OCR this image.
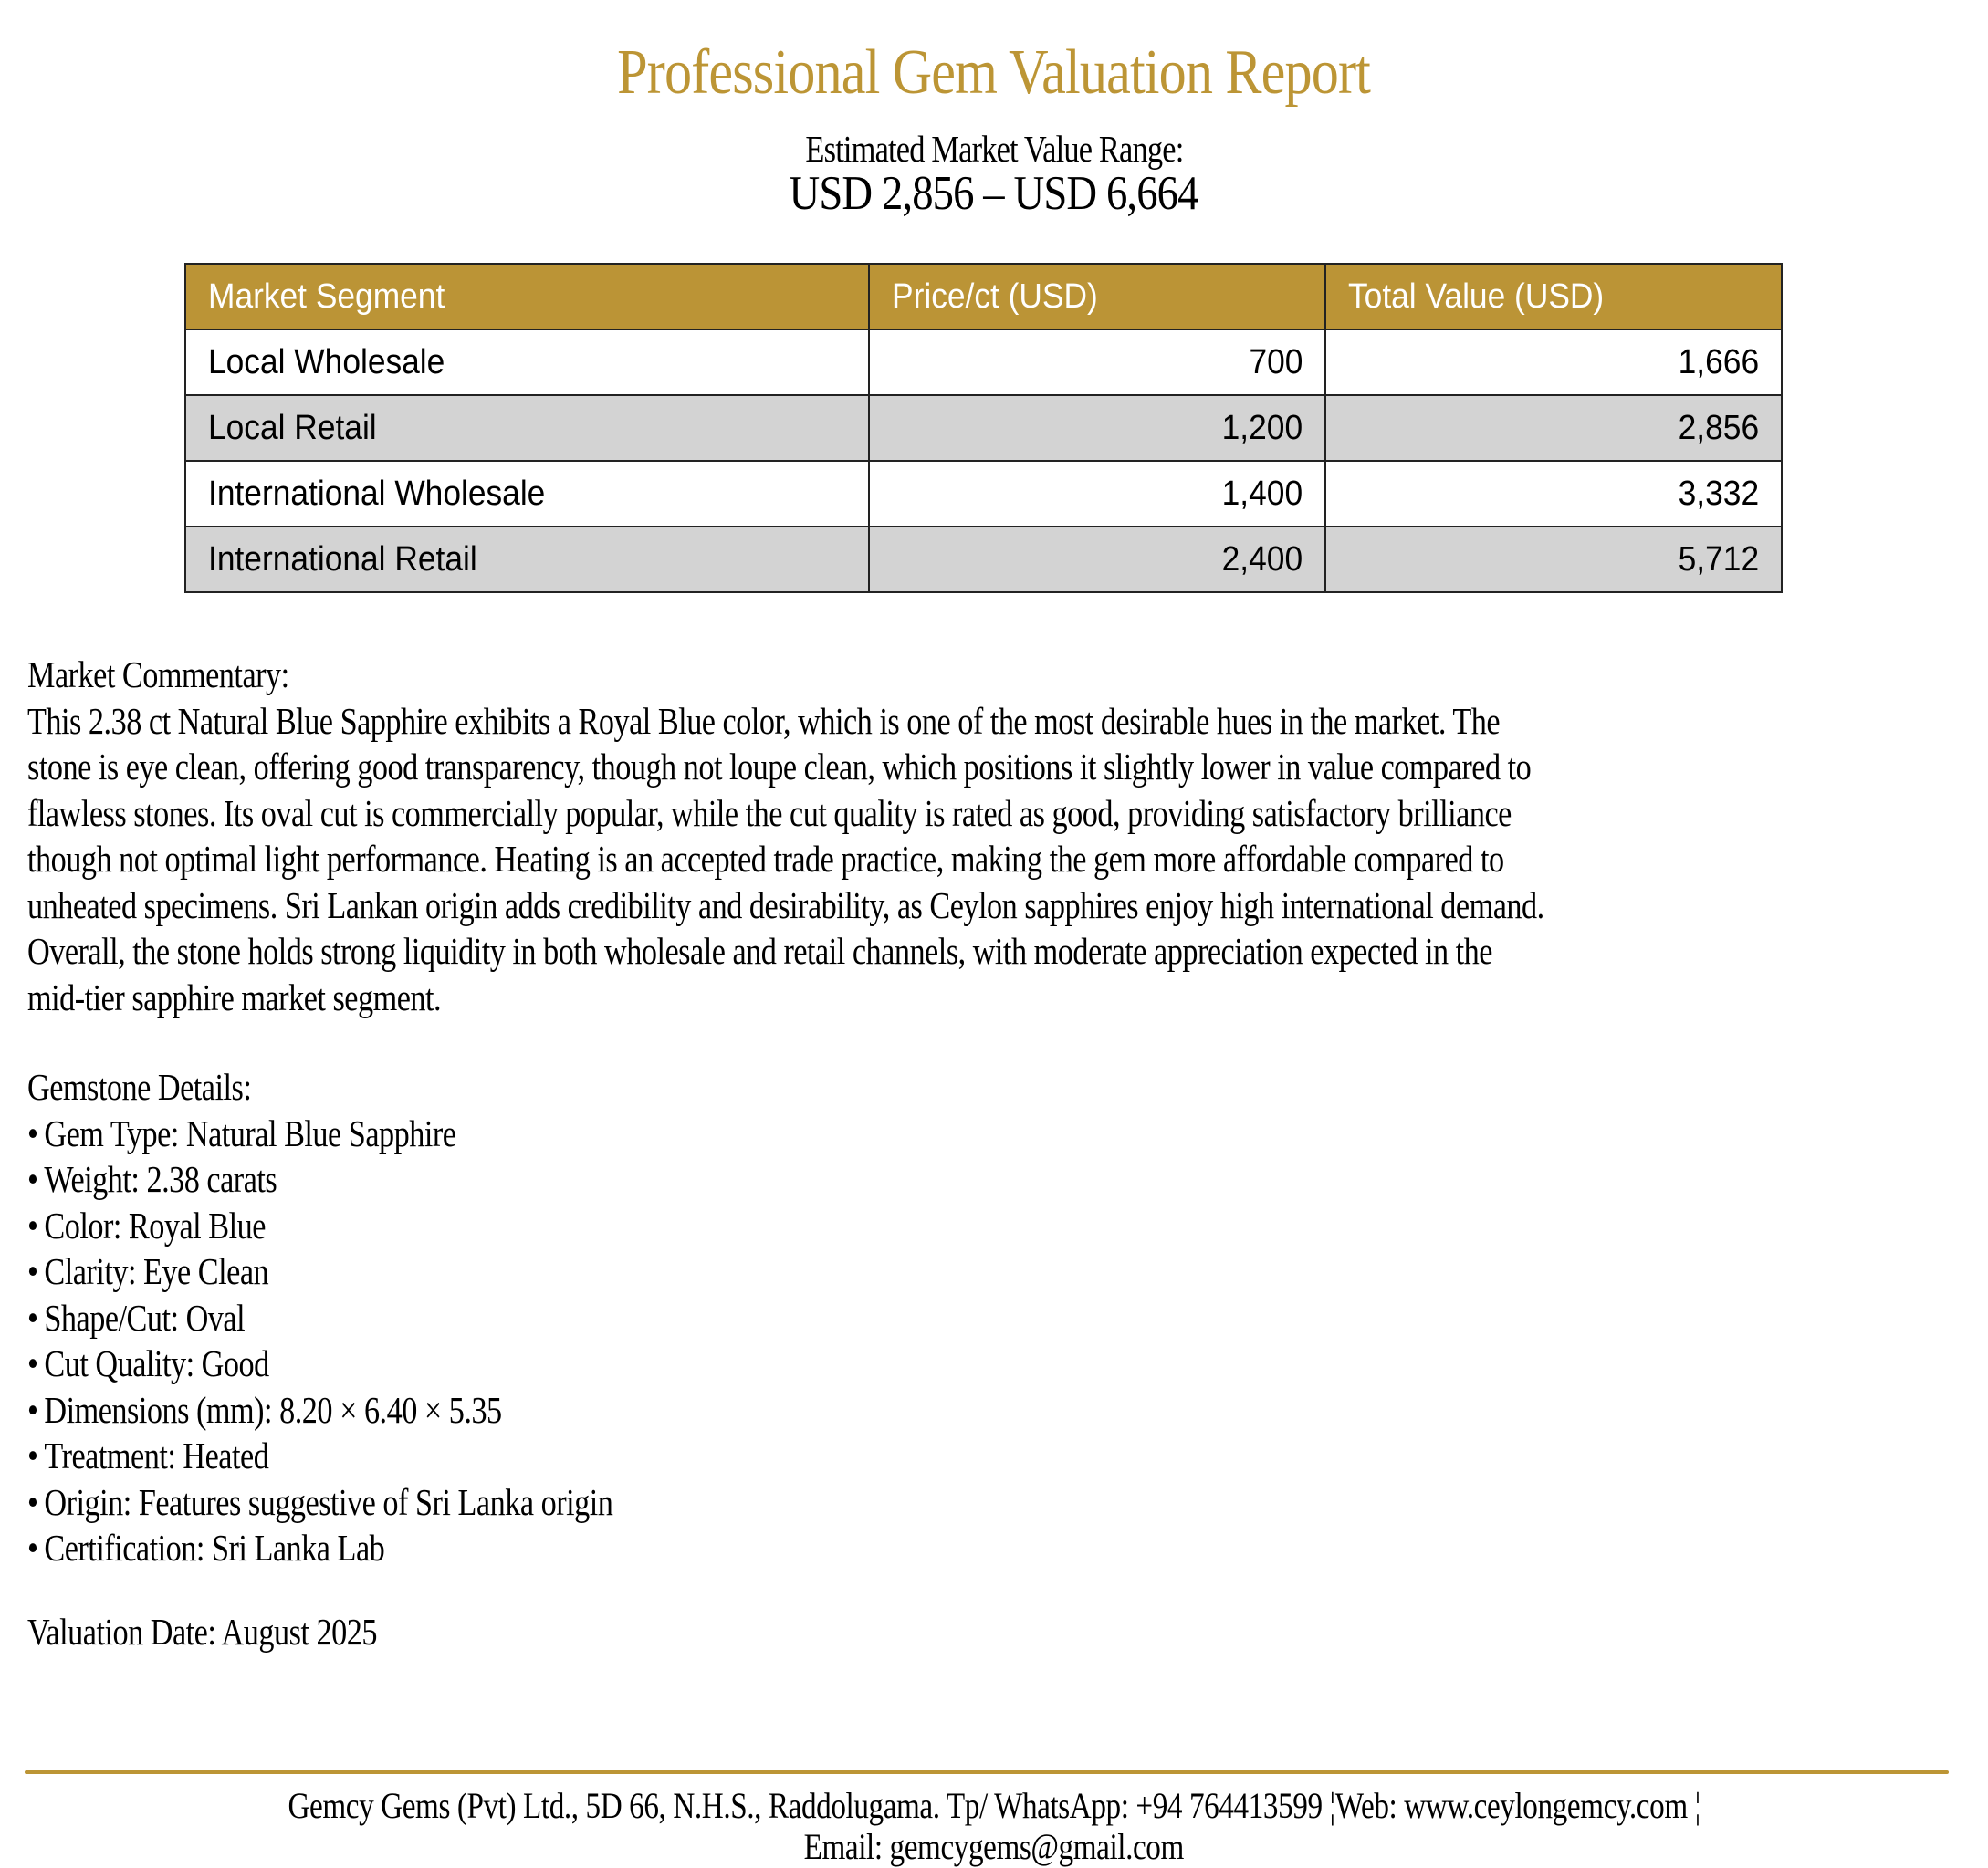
Professional Gem Valuation Report
Estimated Market Value Range:
USD 2,856 – USD 6,664
Market Segment	Price/ct (USD)	Total Value (USD)
Local Wholesale	700	1,666
Local Retail	1,200	2,856
International Wholesale	1,400	3,332
International Retail	2,400	5,712
Market Commentary:
This 2.38 ct Natural Blue Sapphire exhibits a Royal Blue color, which is one of the most desirable hues in the market. The
stone is eye clean, offering good transparency, though not loupe clean, which positions it slightly lower in value compared to
flawless stones. Its oval cut is commercially popular, while the cut quality is rated as good, providing satisfactory brilliance
though not optimal light performance. Heating is an accepted trade practice, making the gem more affordable compared to
unheated specimens. Sri Lankan origin adds credibility and desirability, as Ceylon sapphires enjoy high international demand.
Overall, the stone holds strong liquidity in both wholesale and retail channels, with moderate appreciation expected in the
mid-tier sapphire market segment.
Gemstone Details:
• Gem Type: Natural Blue Sapphire
• Weight: 2.38 carats
• Color: Royal Blue
• Clarity: Eye Clean
• Shape/Cut: Oval
• Cut Quality: Good
• Dimensions (mm): 8.20 × 6.40 × 5.35
• Treatment: Heated
• Origin: Features suggestive of Sri Lanka origin
• Certification: Sri Lanka Lab
Valuation Date: August 2025
Gemcy Gems (Pvt) Ltd., 5D 66, N.H.S., Raddolugama. Tp/ WhatsApp: +94 764413599 ¦Web: www.ceylongemcy.com ¦
Email: gemcygems@gmail.com
